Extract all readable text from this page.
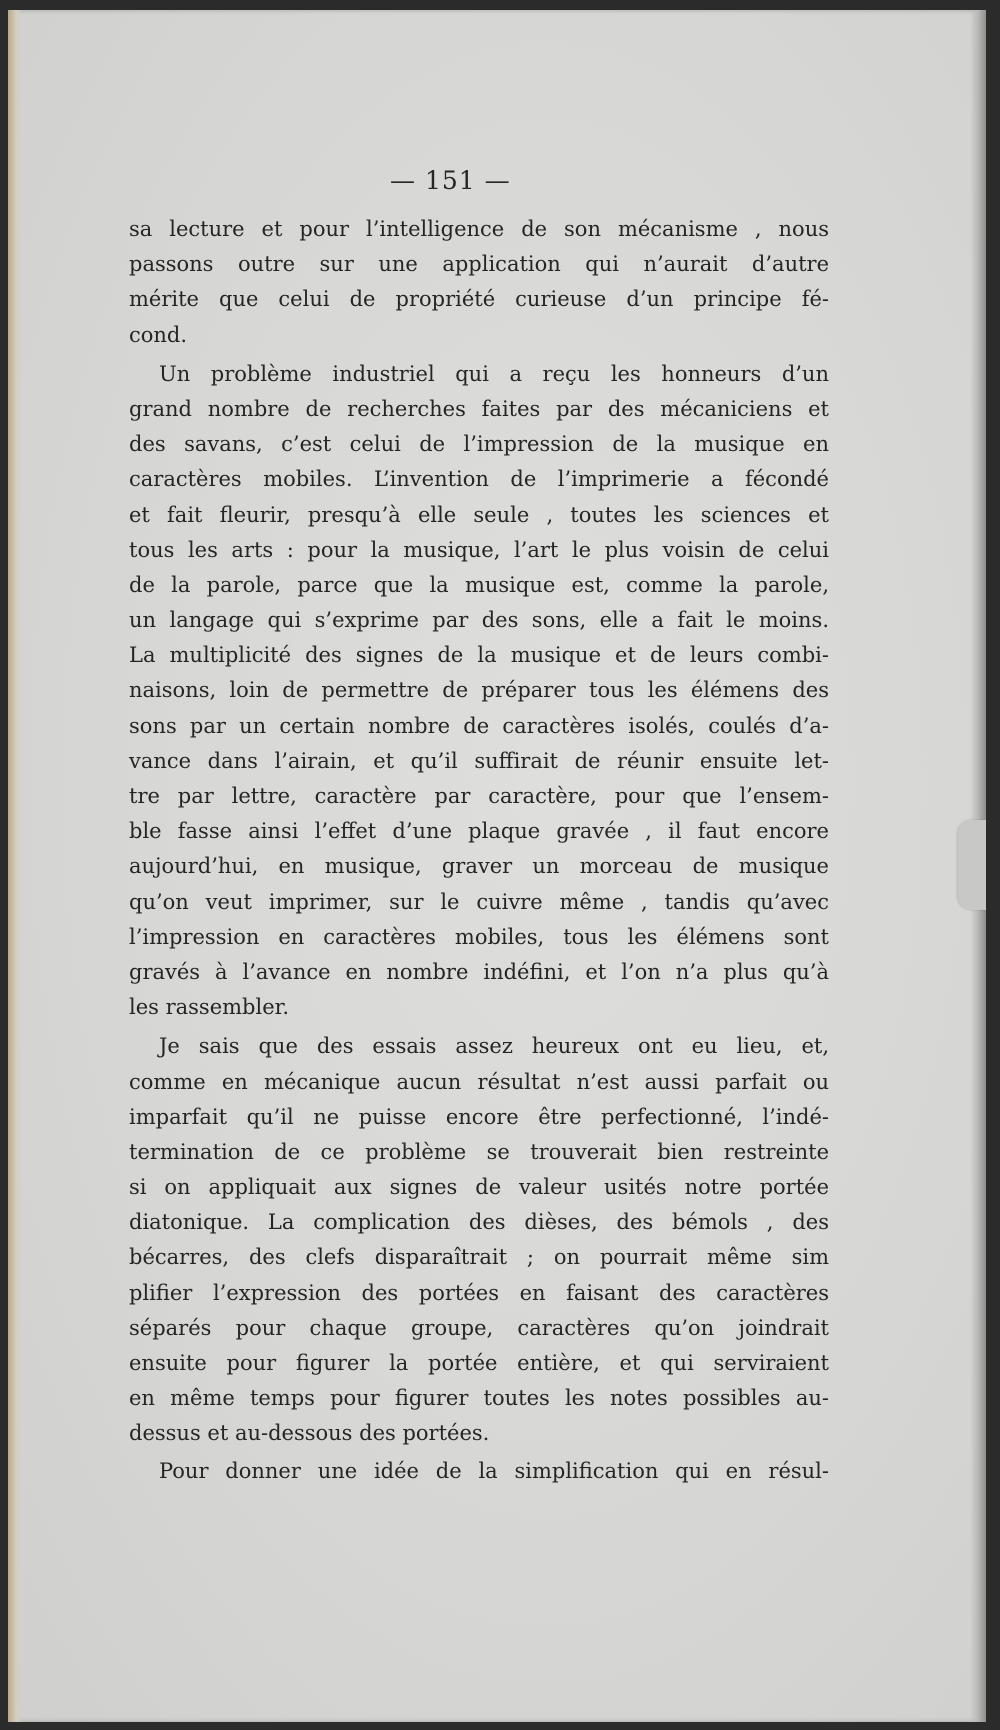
— 151 —
sa lecture et pour l’intelligence de son mécanisme , nous
passons outre sur une application qui n’aurait d’autre
mérite que celui de propriété curieuse d’un principe fé-
cond.
Un problème industriel qui a reçu les honneurs d’un
grand nombre de recherches faites par des mécaniciens et
des savans, c’est celui de l’impression de la musique en
caractères mobiles. L’invention de l’imprimerie a fécondé
et fait fleurir, presqu’à elle seule , toutes les sciences et
tous les arts : pour la musique, l’art le plus voisin de celui
de la parole, parce que la musique est, comme la parole,
un langage qui s’exprime par des sons, elle a fait le moins.
La multiplicité des signes de la musique et de leurs combi-
naisons, loin de permettre de préparer tous les élémens des
sons par un certain nombre de caractères isolés, coulés d’a-
vance dans l’airain, et qu’il suffirait de réunir ensuite let-
tre par lettre, caractère par caractère, pour que l’ensem-
ble fasse ainsi l’effet d’une plaque gravée , il faut encore
aujourd’hui, en musique, graver un morceau de musique
qu’on veut imprimer, sur le cuivre même , tandis qu’avec
l’impression en caractères mobiles, tous les élémens sont
gravés à l’avance en nombre indéfini, et l’on n’a plus qu’à
les rassembler.
Je sais que des essais assez heureux ont eu lieu, et,
comme en mécanique aucun résultat n’est aussi parfait ou
imparfait qu’il ne puisse encore être perfectionné, l’indé-
termination de ce problème se trouverait bien restreinte
si on appliquait aux signes de valeur usités notre portée
diatonique. La complication des dièses, des bémols , des
bécarres, des clefs disparaîtrait ; on pourrait même sim
plifier l’expression des portées en faisant des caractères
séparés pour chaque groupe, caractères qu’on joindrait
ensuite pour figurer la portée entière, et qui serviraient
en même temps pour figurer toutes les notes possibles au-
dessus et au-dessous des portées.
Pour donner une idée de la simplification qui en résul-
